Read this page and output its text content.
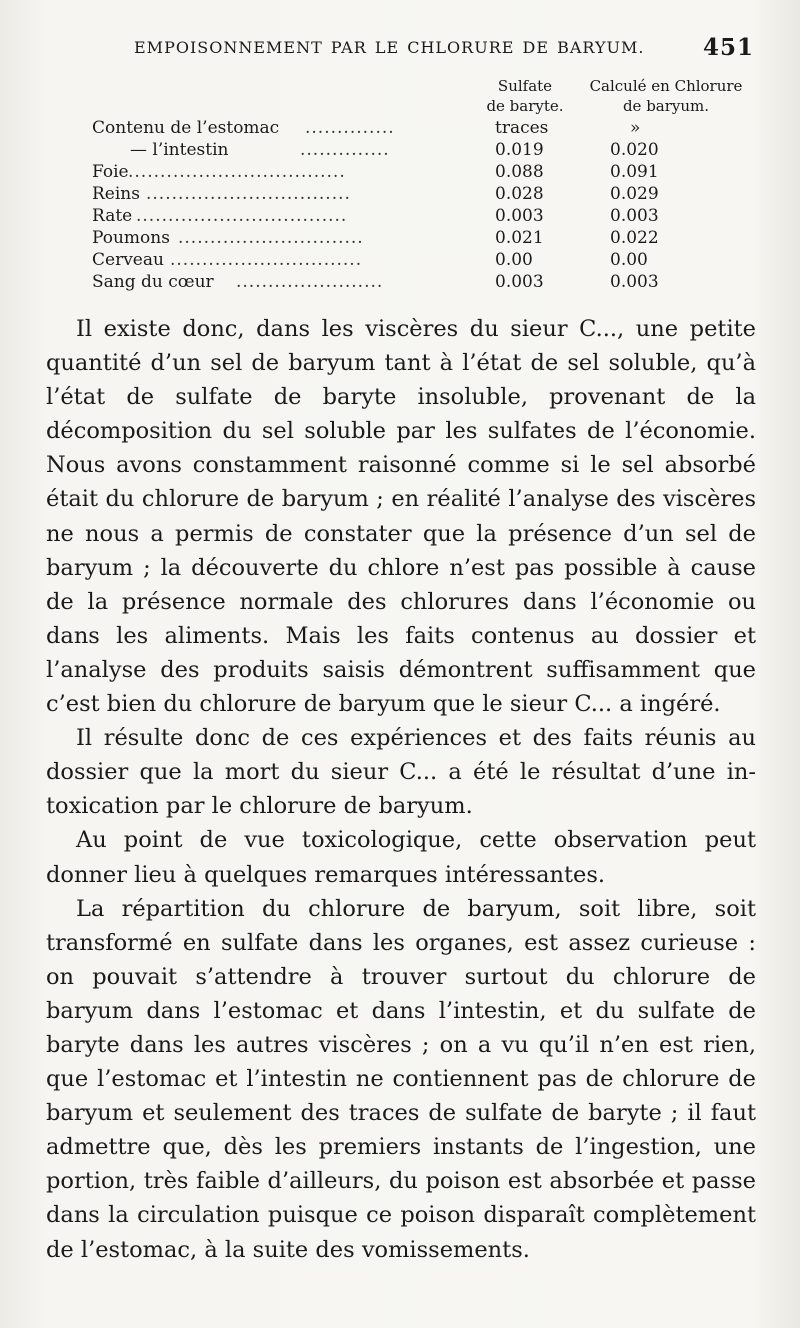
EMPOISONNEMENT PAR LE CHLORURE DE BARYUM.	451
Sulfate
de baryte.
Calculé en Chlorure
de baryum.
Contenu de l’estomac ..............	traces	»
— l’intestin	..............	0.019	0.020
Foie ..................................	0.088	0.091
Reins ................................	0.028	0.029
Rate .................................	0.003	0.003
Poumons .............................	0.021	0.022
Cerveau ..............................	0.00	0.00
Sang du cœur .......................	0.003	0.003

Il existe donc, dans les viscères du sieur C..., une petite quantité d’un sel de baryum tant à l’état de sel soluble, qu’à l’état de sulfate de baryte insoluble, provenant de la décomposition du sel soluble par les sulfates de l’économie. Nous avons constamment raisonné comme si le sel absorbé était du chlorure de baryum ; en réalité l’analyse des viscères ne nous a permis de constater que la présence d’un sel de baryum ; la découverte du chlore n’est pas possible à cause de la présence normale des chlorures dans l’économie ou dans les aliments. Mais les faits contenus au dossier et l’analyse des produits saisis démontrent suffisamment que c’est bien du chlorure de baryum que le sieur C... a ingéré.

Il résulte donc de ces expériences et des faits réunis au dossier que la mort du sieur C... a été le résultat d’une intoxication par le chlorure de baryum.

Au point de vue toxicologique, cette observation peut donner lieu à quelques remarques intéressantes.

La répartition du chlorure de baryum, soit libre, soit transformé en sulfate dans les organes, est assez curieuse : on pouvait s’attendre à trouver surtout du chlorure de baryum dans l’estomac et dans l’intestin, et du sulfate de baryte dans les autres viscères ; on a vu qu’il n’en est rien, que l’estomac et l’intestin ne contiennent pas de chlorure de baryum et seulement des traces de sulfate de baryte ; il faut admettre que, dès les premiers instants de l’ingestion, une portion, très faible d’ailleurs, du poison est absorbée et passe dans la circulation puisque ce poison disparaît complètement de l’estomac, à la suite des vomissements.
